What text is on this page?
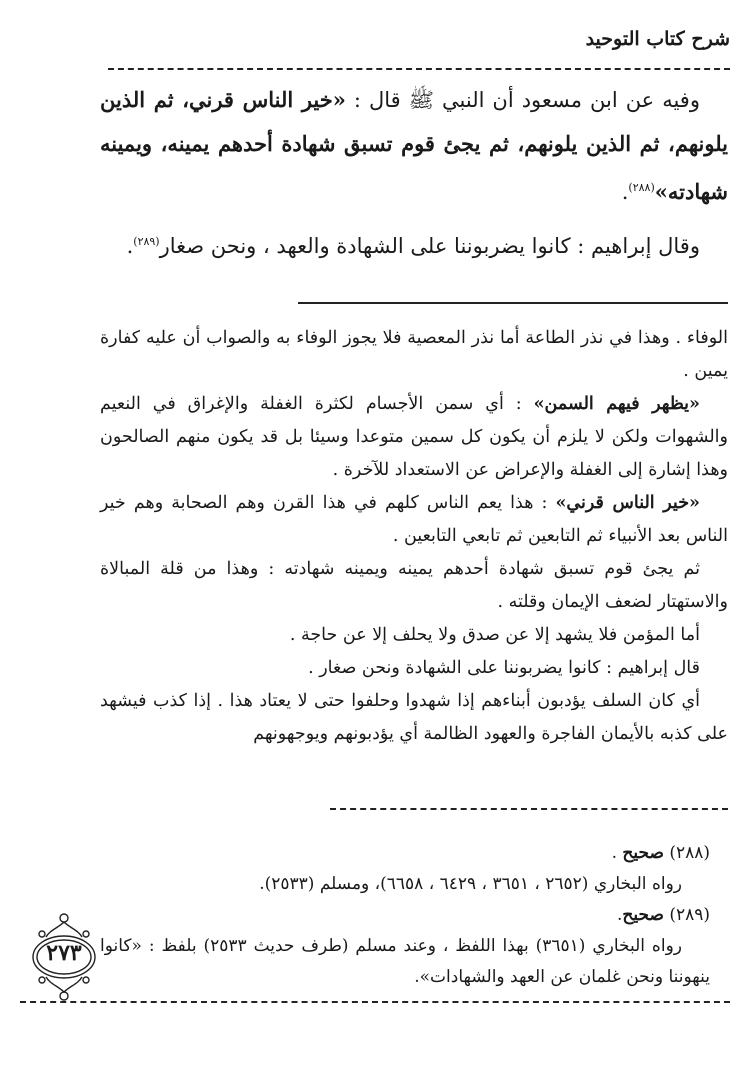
شرح كتاب التوحيد

وفيه عن ابن مسعود أن النبي ﷺ قال : «خير الناس قرني، ثم الذين يلونهم، ثم الذين يلونهم، ثم يجئ قوم تسبق شهادة أحدهم يمينه، ويمينه شهادته»$^{(٢٨٨)}$.

وقال إبراهيم : كانوا يضربوننا على الشهادة والعهد ، ونحن صغار$^{(٢٨٩)}$.

الوفاء . وهذا في نذر الطاعة أما نذر المعصية فلا يجوز الوفاء به والصواب أن عليه كفارة يمين .

«يظهر فيهم السمن» : أي سمن الأجسام لكثرة الغفلة والإغراق في النعيم والشهوات ولكن لا يلزم أن يكون كل سمين متوعدا وسيئا بل قد يكون منهم الصالحون وهذا إشارة إلى الغفلة والإعراض عن الاستعداد للآخرة .

«خير الناس قرني» : هذا يعم الناس كلهم في هذا القرن وهم الصحابة وهم خير الناس بعد الأنبياء ثم التابعين ثم تابعي التابعين .

ثم يجئ قوم تسبق شهادة أحدهم يمينه ويمينه شهادته : وهذا من قلة المبالاة والاستهتار لضعف الإيمان وقلته .

أما المؤمن فلا يشهد إلا عن صدق ولا يحلف إلا عن حاجة .

قال إبراهيم : كانوا يضربوننا على الشهادة ونحن صغار .

أي كان السلف يؤدبون أبناءهم إذا شهدوا وحلفوا حتى لا يعتاد هذا . إذا كذب فيشهد على كذبه بالأيمان الفاجرة والعهود الظالمة أي يؤدبونهم ويوجهونهم

(٢٨٨) صحيح .

رواه البخاري (٢٦٥٢ ، ٣٦٥١ ، ٦٤٢٩ ، ٦٦٥٨)، ومسلم (٢٥٣٣).

(٢٨٩) صحيح.

رواه البخاري (٣٦٥١) بهذا اللفظ ، وعند مسلم (طرف حديث ٢٥٣٣) بلفظ : «كانوا ينهوننا ونحن غلمان عن العهد والشهادات».

٢٧٣
